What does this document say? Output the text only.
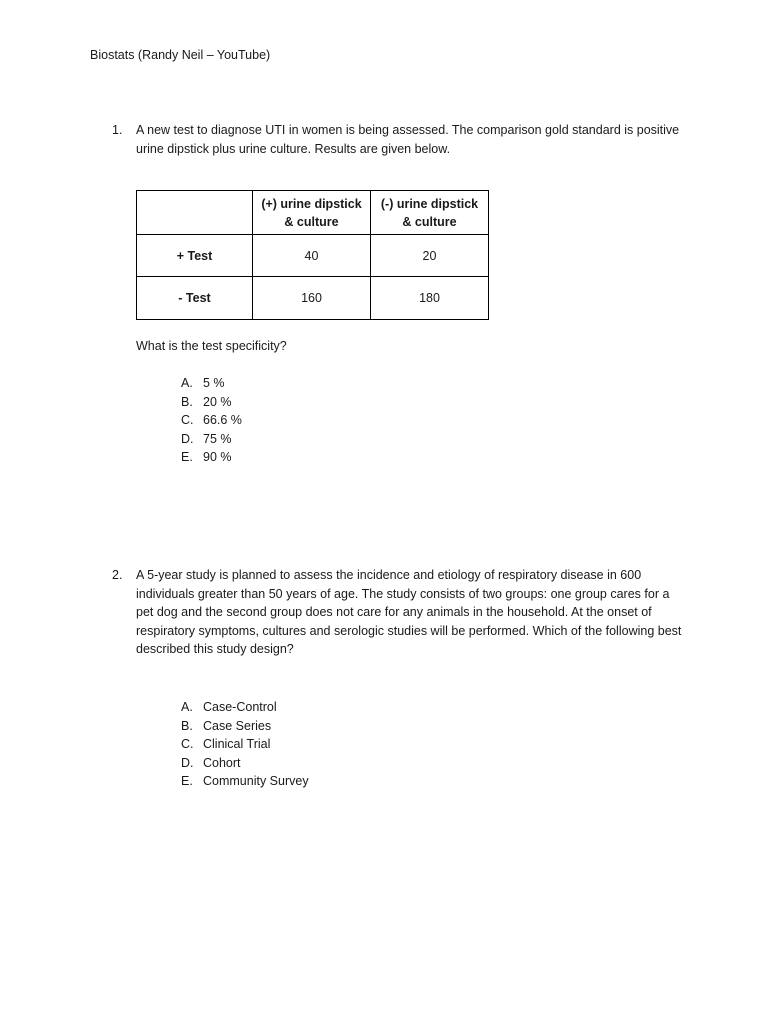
Biostats (Randy Neil – YouTube)
1. A new test to diagnose UTI in women is being assessed. The comparison gold standard is positive urine dipstick plus urine culture. Results are given below.
	(+) urine dipstick & culture	(-) urine dipstick & culture
+ Test	40	20
- Test	160	180
What is the test specificity?
A. 5 %
B. 20 %
C. 66.6 %
D. 75 %
E. 90 %
2. A 5-year study is planned to assess the incidence and etiology of respiratory disease in 600 individuals greater than 50 years of age. The study consists of two groups: one group cares for a pet dog and the second group does not care for any animals in the household. At the onset of respiratory symptoms, cultures and serologic studies will be performed. Which of the following best described this study design?
A. Case-Control
B. Case Series
C. Clinical Trial
D. Cohort
E. Community Survey
